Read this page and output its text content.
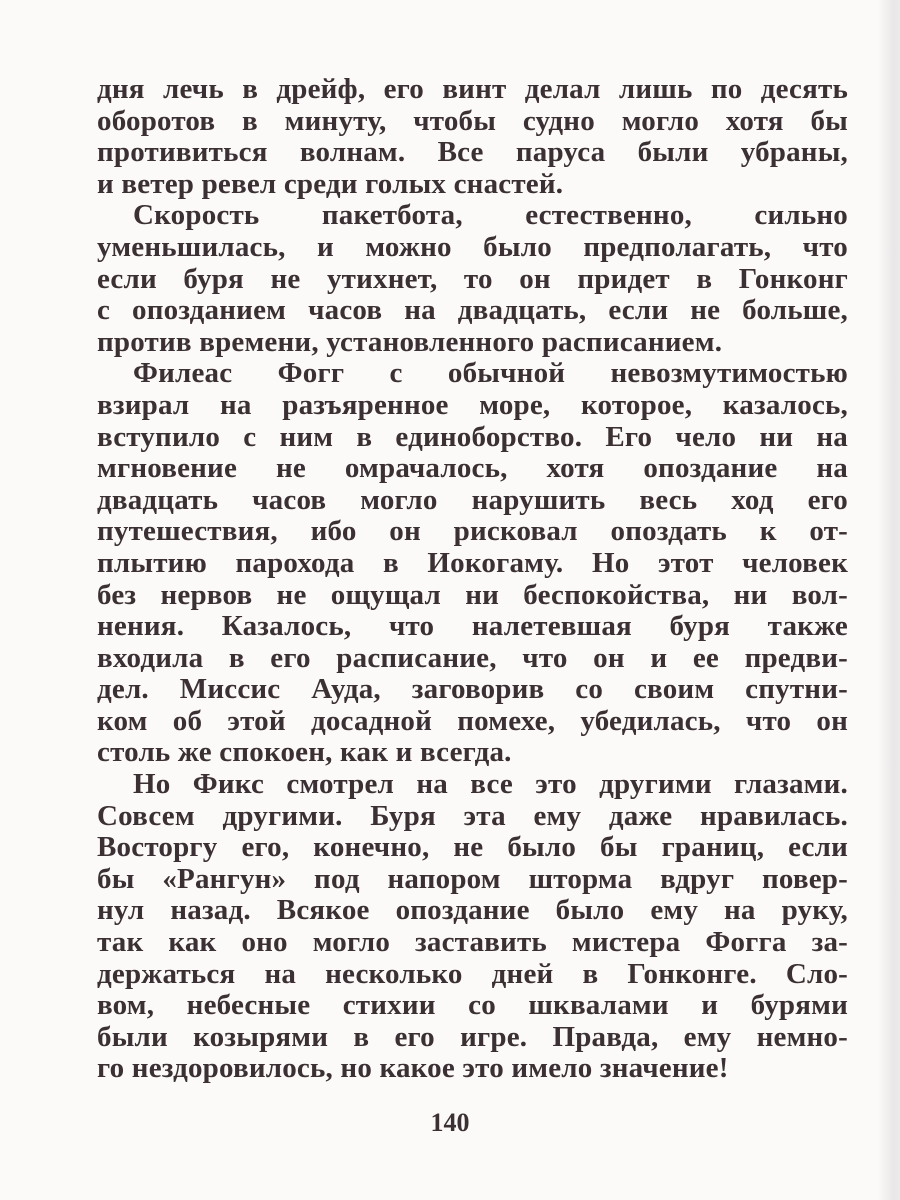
дня лечь в дрейф, его винт делал лишь по десять
оборотов в минуту, чтобы судно могло хотя бы
противиться волнам. Все паруса были убраны,
и ветер ревел среди голых снастей.
Скорость пакетбота, естественно, сильно
уменьшилась, и можно было предполагать, что
если буря не утихнет, то он придет в Гонконг
с опозданием часов на двадцать, если не больше,
против времени, установленного расписанием.
Филеас Фогг с обычной невозмутимостью
взирал на разъяренное море, которое, казалось,
вступило с ним в единоборство. Его чело ни на
мгновение не омрачалось, хотя опоздание на
двадцать часов могло нарушить весь ход его
путешествия, ибо он рисковал опоздать к от-
плытию парохода в Иокогаму. Но этот человек
без нервов не ощущал ни беспокойства, ни вол-
нения. Казалось, что налетевшая буря также
входила в его расписание, что он и ее предви-
дел. Миссис Ауда, заговорив со своим спутни-
ком об этой досадной помехе, убедилась, что он
столь же спокоен, как и всегда.
Но Фикс смотрел на все это другими глазами.
Совсем другими. Буря эта ему даже нравилась.
Восторгу его, конечно, не было бы границ, если
бы «Рангун» под напором шторма вдруг повер-
нул назад. Всякое опоздание было ему на руку,
так как оно могло заставить мистера Фогга за-
держаться на несколько дней в Гонконге. Сло-
вом, небесные стихии со шквалами и бурями
были козырями в его игре. Правда, ему немно-
го нездоровилось, но какое это имело значение!
140
